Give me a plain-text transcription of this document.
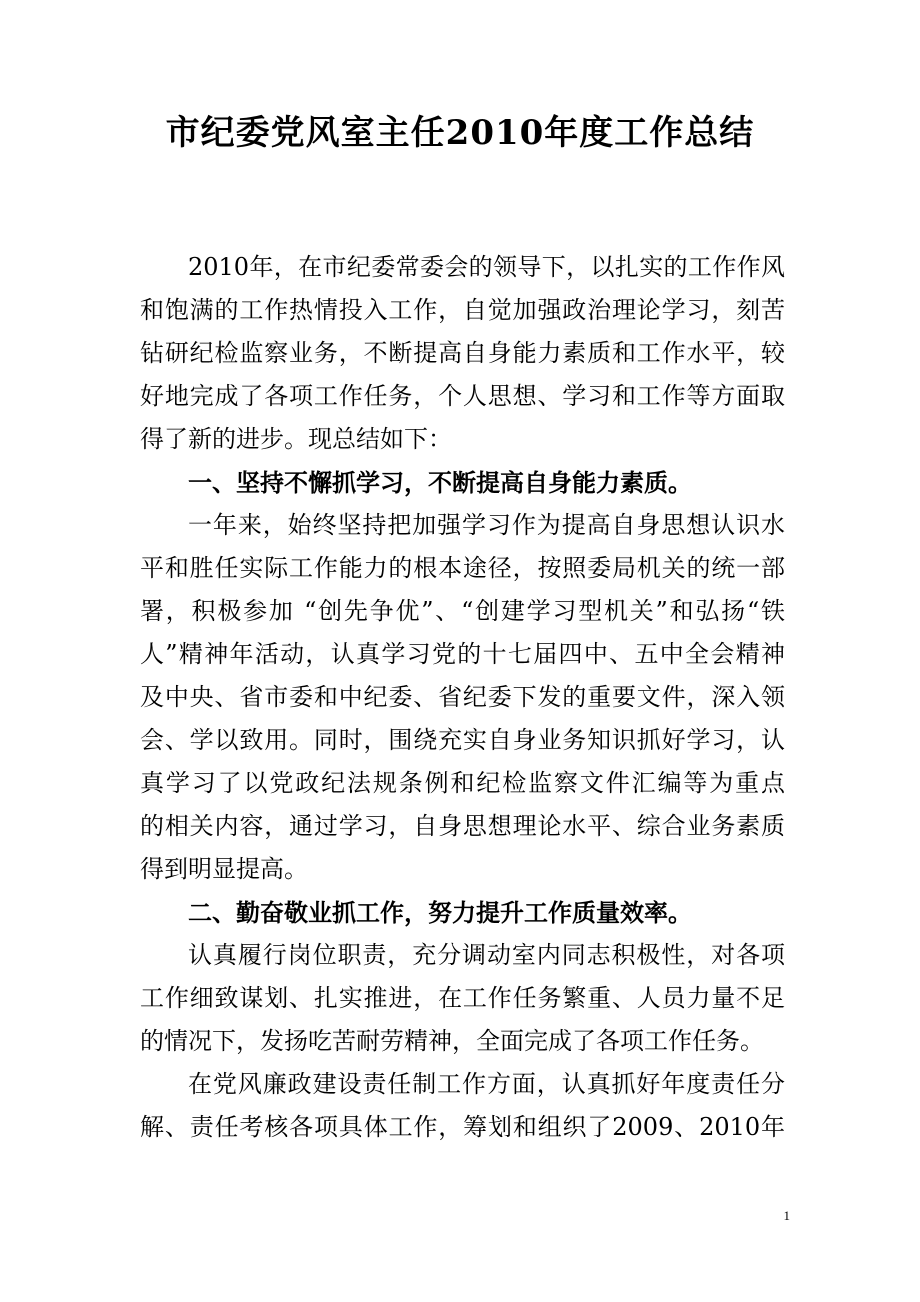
市纪委党风室主任2010年度工作总结
2010年，在市纪委常委会的领导下，以扎实的工作作风
和饱满的工作热情投入工作，自觉加强政治理论学习，刻苦
钻研纪检监察业务，不断提高自身能力素质和工作水平，较
好地完成了各项工作任务，个人思想、学习和工作等方面取
得了新的进步。现总结如下：
一、坚持不懈抓学习，不断提高自身能力素质。
一年来，始终坚持把加强学习作为提高自身思想认识水
平和胜任实际工作能力的根本途径，按照委局机关的统一部
署，积极参加 “创先争优”、“创建学习型机关”和弘扬“铁
人”精神年活动，认真学习党的十七届四中、五中全会精神
及中央、省市委和中纪委、省纪委下发的重要文件，深入领
会、学以致用。同时，围绕充实自身业务知识抓好学习，认
真学习了以党政纪法规条例和纪检监察文件汇编等为重点
的相关内容，通过学习，自身思想理论水平、综合业务素质
得到明显提高。
二、勤奋敬业抓工作，努力提升工作质量效率。
认真履行岗位职责，充分调动室内同志积极性，对各项
工作细致谋划、扎实推进，在工作任务繁重、人员力量不足
的情况下，发扬吃苦耐劳精神，全面完成了各项工作任务。
在党风廉政建设责任制工作方面，认真抓好年度责任分
解、责任考核各项具体工作，筹划和组织了2009、2010年
1
